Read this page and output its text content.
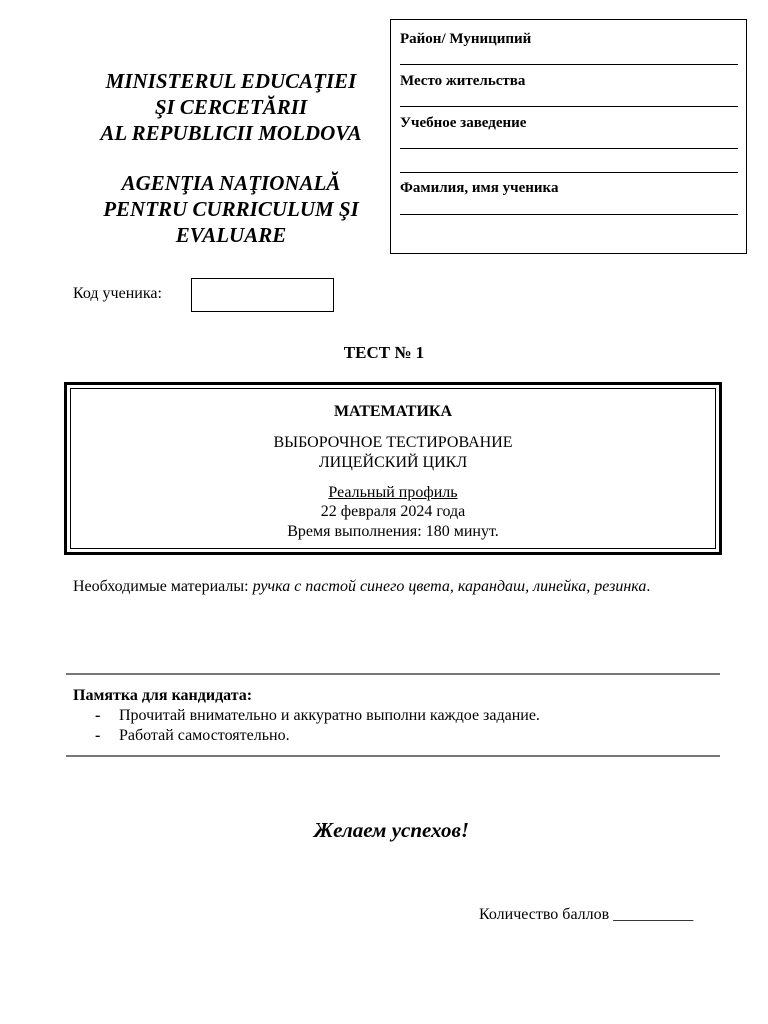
MINISTERUL EDUCAŢIEI
ŞI CERCETĂRII
AL REPUBLICII MOLDOVA
AGENŢIA NAŢIONALĂ
PENTRU CURRICULUM ŞI
EVALUARE
Район/ Муниципий
Место жительства
Учебное заведение
Фамилия, имя ученика
Код ученика:
ТЕСТ № 1
МАТЕМАТИКА
ВЫБОРОЧНОЕ ТЕСТИРОВАНИЕ
ЛИЦЕЙСКИЙ ЦИКЛ
Реальный профиль
22 февраля 2024 года
Время выполнения: 180 минут.
Необходимые материалы: ручка с пастой синего цвета, карандаш, линейка, резинка.
Памятка для кандидата:
-	Прочитай внимательно и аккуратно выполни каждое задание.
-	Работай самостоятельно.
Желаем успехов!
Количество баллов __________
